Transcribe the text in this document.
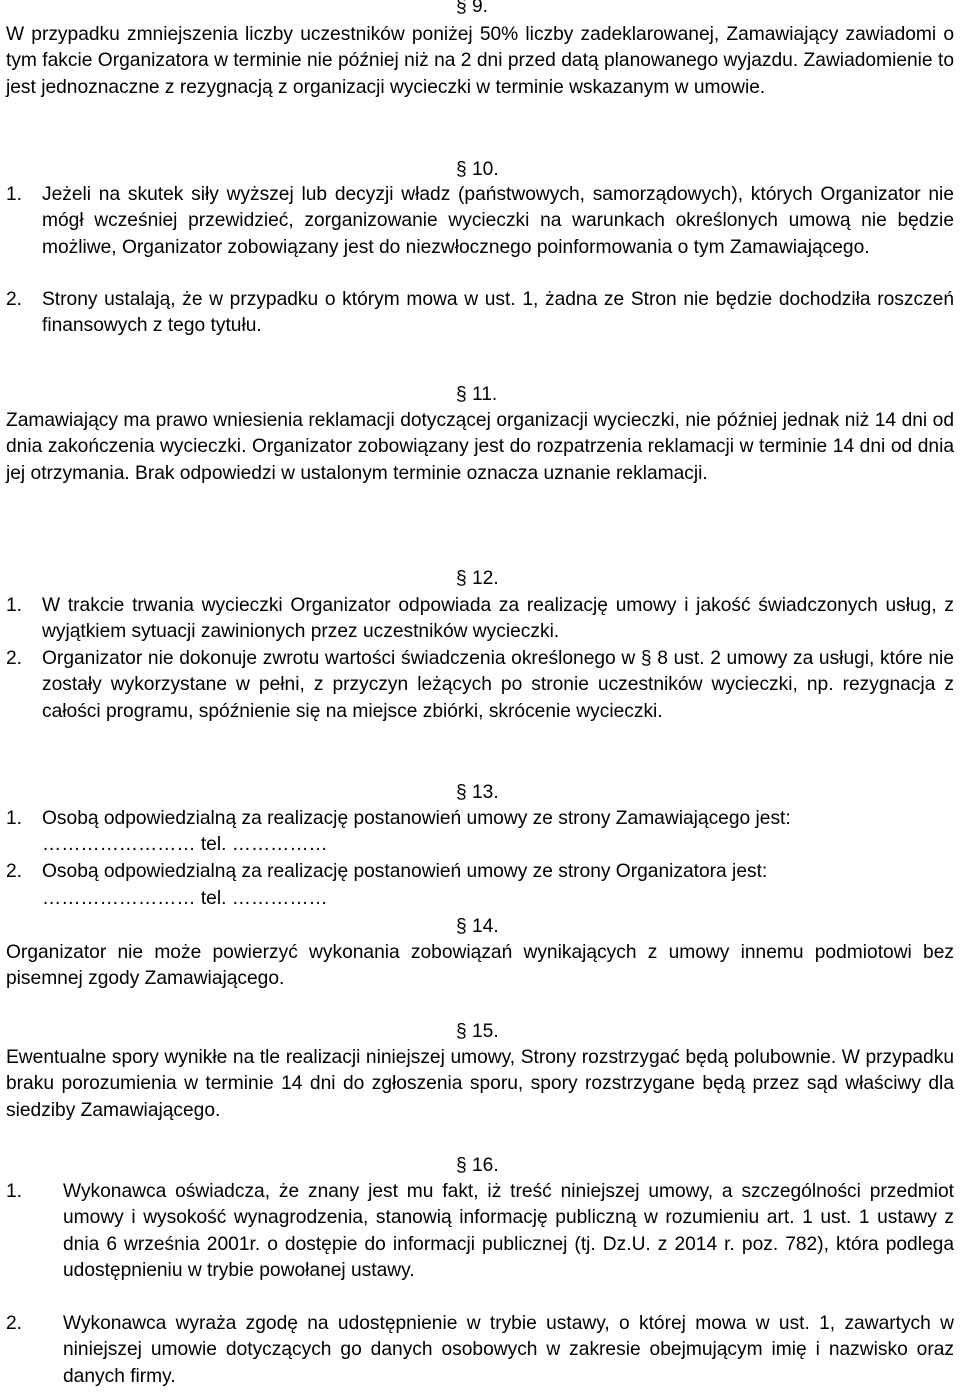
§ 9.

W przypadku zmniejszenia liczby uczestników poniżej 50% liczby zadeklarowanej, Zamawiający zawiadomi o tym fakcie Organizatora w terminie nie później niż na 2 dni przed datą planowanego wyjazdu. Zawiadomienie to jest jednoznaczne z rezygnacją z organizacji wycieczki w terminie wskazanym w umowie.

§ 10.
1.	Jeżeli na skutek siły wyższej lub decyzji władz (państwowych, samorządowych), których Organizator nie mógł wcześniej przewidzieć, zorganizowanie wycieczki na warunkach określonych umową nie będzie możliwe, Organizator zobowiązany jest do niezwłocznego poinformowania o tym Zamawiającego.
2.	Strony ustalają, że w przypadku o którym mowa w ust. 1, żadna ze Stron nie będzie dochodziła roszczeń finansowych z tego tytułu.
§ 11.

Zamawiający ma prawo wniesienia reklamacji dotyczącej organizacji wycieczki, nie później jednak niż 14 dni od dnia zakończenia wycieczki. Organizator zobowiązany jest do rozpatrzenia reklamacji w terminie 14 dni od dnia jej otrzymania. Brak odpowiedzi w ustalonym terminie oznacza uznanie reklamacji.

§ 12.
1.	W trakcie trwania wycieczki Organizator odpowiada za realizację umowy i jakość świadczonych usług, z wyjątkiem sytuacji zawinionych przez uczestników wycieczki.
2.	Organizator nie dokonuje zwrotu wartości świadczenia określonego w § 8 ust. 2 umowy za usługi, które nie zostały wykorzystane w pełni, z przyczyn leżących po stronie uczestników wycieczki, np. rezygnacja z całości programu, spóźnienie się na miejsce zbiórki, skrócenie wycieczki.
§ 13.
1.	Osobą odpowiedzialną za realizację postanowień umowy ze strony Zamawiającego jest:
…………………… tel. ……………
2.	Osobą odpowiedzialną za realizację postanowień umowy ze strony Organizatora jest:
…………………… tel. ……………
§ 14.

Organizator nie może powierzyć wykonania zobowiązań wynikających z umowy innemu podmiotowi bez pisemnej zgody Zamawiającego.

§ 15.

Ewentualne spory wynikłe na tle realizacji niniejszej umowy, Strony rozstrzygać będą polubownie. W przypadku braku porozumienia w terminie 14 dni do zgłoszenia sporu, spory rozstrzygane będą przez sąd właściwy dla siedziby Zamawiającego.

§ 16.
1.	Wykonawca oświadcza, że znany jest mu fakt, iż treść niniejszej umowy, a szczególności przedmiot umowy i wysokość wynagrodzenia, stanowią informację publiczną w rozumieniu art. 1 ust. 1 ustawy z dnia 6 września 2001r. o dostępie do informacji publicznej (tj. Dz.U. z 2014 r. poz. 782), która podlega udostępnieniu w trybie powołanej ustawy.
2.	Wykonawca wyraża zgodę na udostępnienie w trybie ustawy, o której mowa w ust. 1, zawartych w niniejszej umowie dotyczących go danych osobowych w zakresie obejmującym imię i nazwisko oraz danych firmy.
